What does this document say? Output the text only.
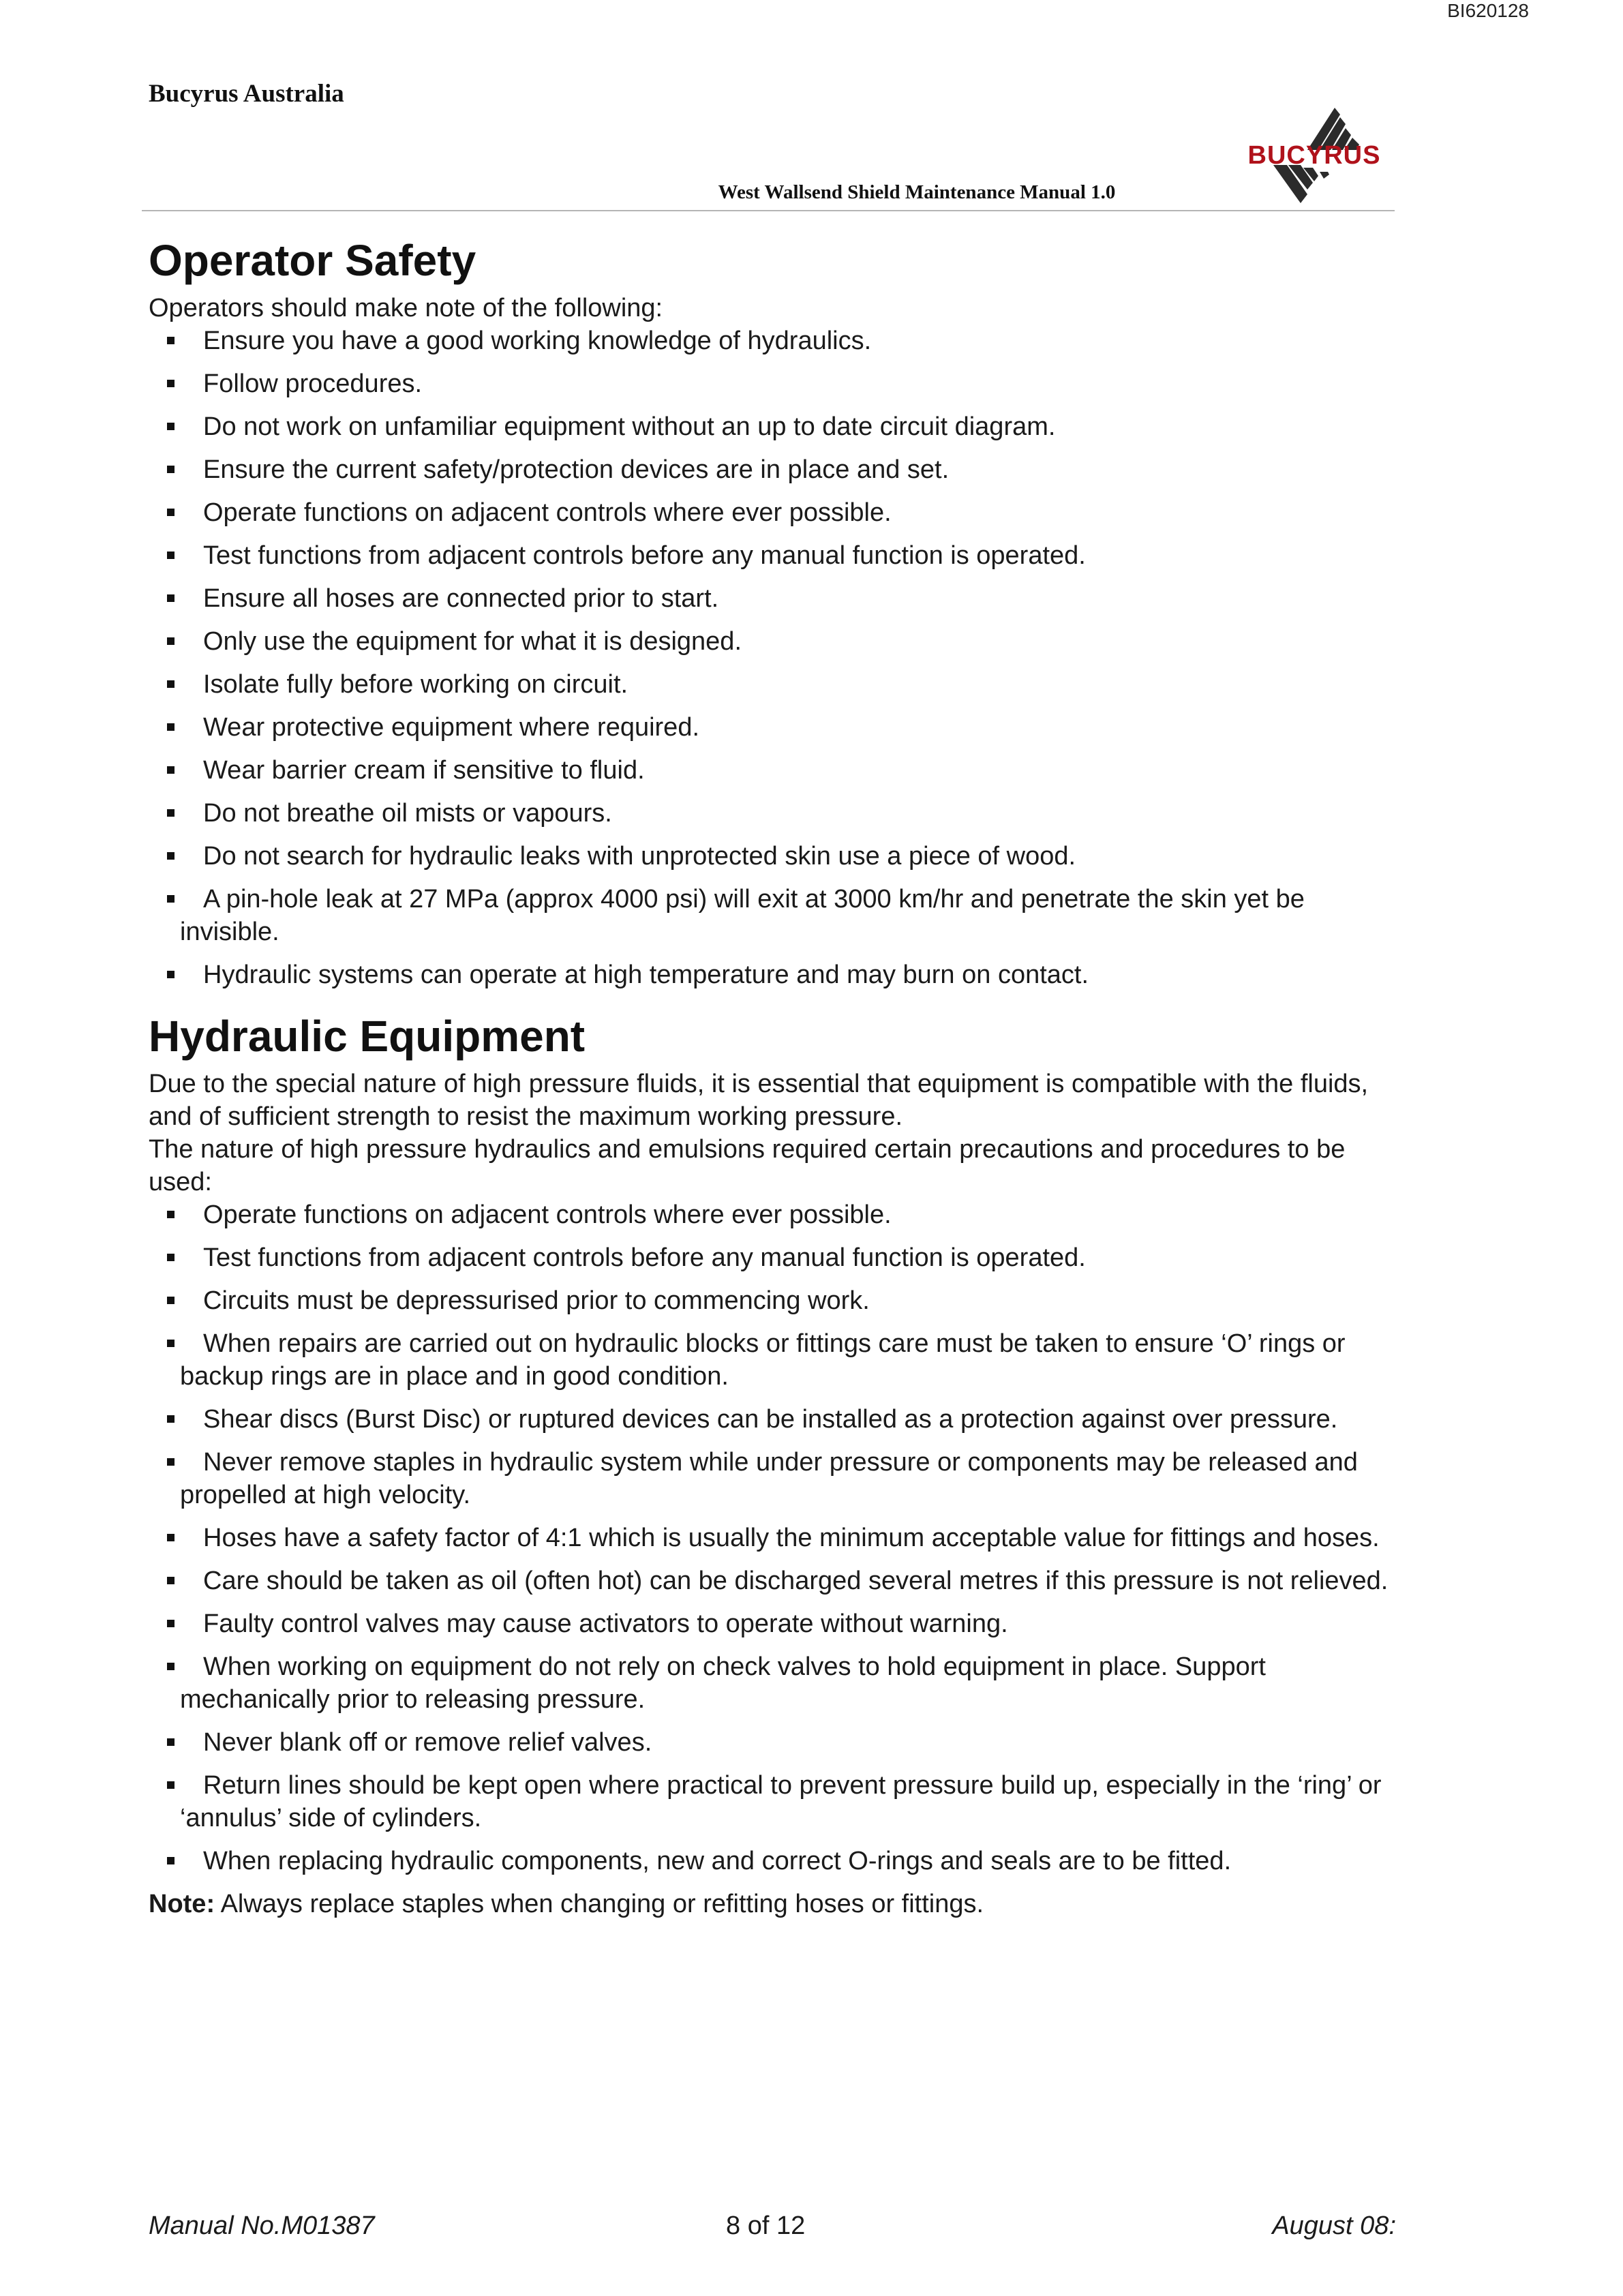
BI620128
Bucyrus Australia
BUCYRUS
West Wallsend Shield Maintenance Manual 1.0
Operator Safety

Operators should make note of the following:

Ensure you have a good working knowledge of hydraulics.
Follow procedures.
Do not work on unfamiliar equipment without an up to date circuit diagram.
Ensure the current safety/protection devices are in place and set.
Operate functions on adjacent controls where ever possible.
Test functions from adjacent controls before any manual function is operated.
Ensure all hoses are connected prior to start.
Only use the equipment for what it is designed.
Isolate fully before working on circuit.
Wear protective equipment where required.
Wear barrier cream if sensitive to fluid.
Do not breathe oil mists or vapours.
Do not search for hydraulic leaks with unprotected skin use a piece of wood.
A pin-hole leak at 27 MPa (approx 4000 psi) will exit at 3000 km/hr and penetrate the skin yet be invisible.
Hydraulic systems can operate at high temperature and may burn on contact.
Hydraulic Equipment

Due to the special nature of high pressure fluids, it is essential that equipment is compatible with the fluids, and of sufficient strength to resist the maximum working pressure.

The nature of high pressure hydraulics and emulsions required certain precautions and procedures to be used:

Operate functions on adjacent controls where ever possible.
Test functions from adjacent controls before any manual function is operated.
Circuits must be depressurised prior to commencing work.
When repairs are carried out on hydraulic blocks or fittings care must be taken to ensure ‘O’ rings or backup rings are in place and in good condition.
Shear discs (Burst Disc) or ruptured devices can be installed as a protection against over pressure.
Never remove staples in hydraulic system while under pressure or components may be released and propelled at high velocity.
Hoses have a safety factor of 4:1 which is usually the minimum acceptable value for fittings and hoses.
Care should be taken as oil (often hot) can be discharged several metres if this pressure is not relieved.
Faulty control valves may cause activators to operate without warning.
When working on equipment do not rely on check valves to hold equipment in place. Support mechanically prior to releasing pressure.
Never blank off or remove relief valves.
Return lines should be kept open where practical to prevent pressure build up, especially in the ‘ring’ or ‘annulus’ side of cylinders.
When replacing hydraulic components, new and correct O-rings and seals are to be fitted.

Note: Always replace staples when changing or refitting hoses or fittings.

Manual No.M01387	8 of 12	August 08:
